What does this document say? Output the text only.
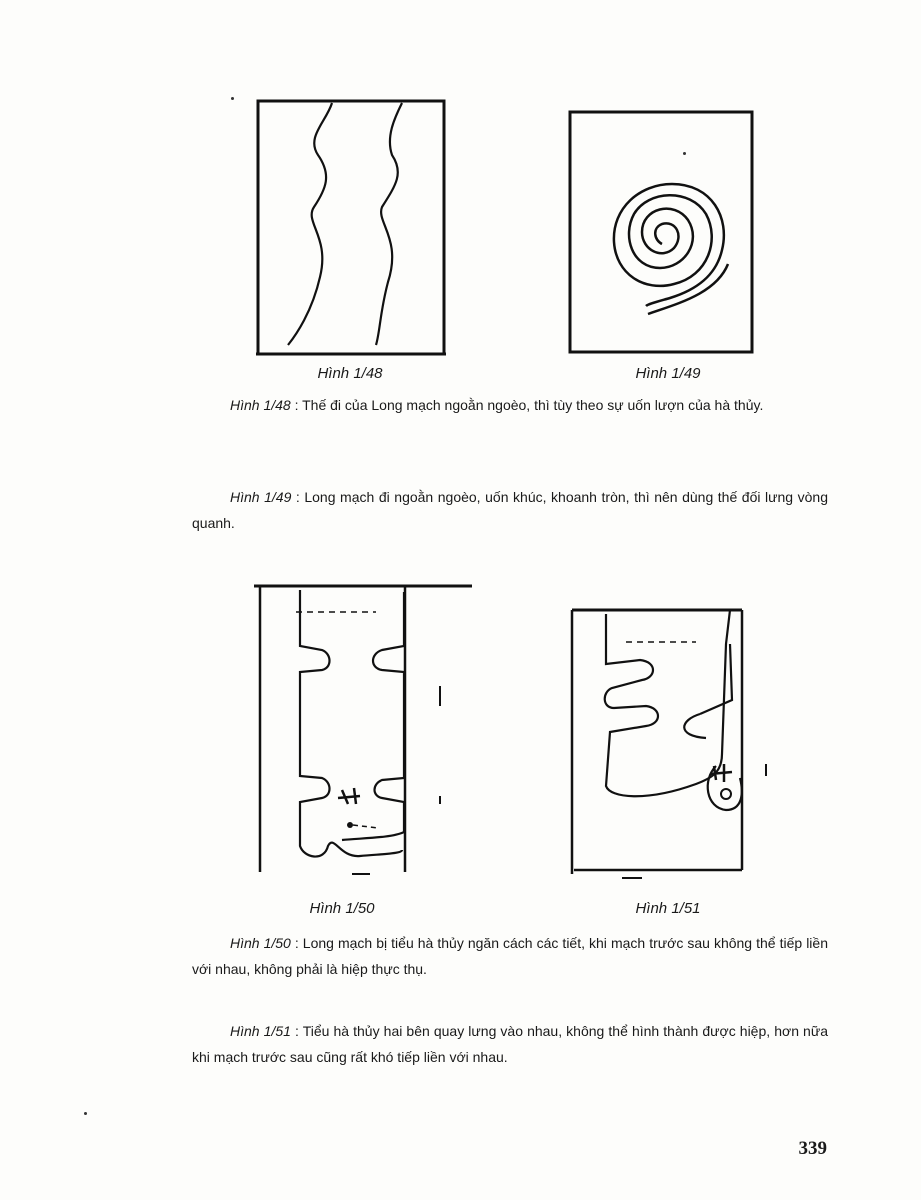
Hình 1/48	Hình 1/49

Hình 1/48 : Thế đi của Long mạch ngoằn ngoèo, thì tùy theo sự uốn lượn của hà thủy.

Hình 1/49 : Long mạch đi ngoằn ngoèo, uốn khúc, khoanh tròn, thì nên dùng thế đối lưng vòng quanh.

Hình 1/50	Hình 1/51

Hình 1/50 : Long mạch bị tiểu hà thủy ngăn cách các tiết, khi mạch trước sau không thể tiếp liền với nhau, không phải là hiệp thực thụ.

Hình 1/51 : Tiểu hà thủy hai bên quay lưng vào nhau, không thể hình thành được hiệp, hơn nữa khi mạch trước sau cũng rất khó tiếp liền với nhau.

339
